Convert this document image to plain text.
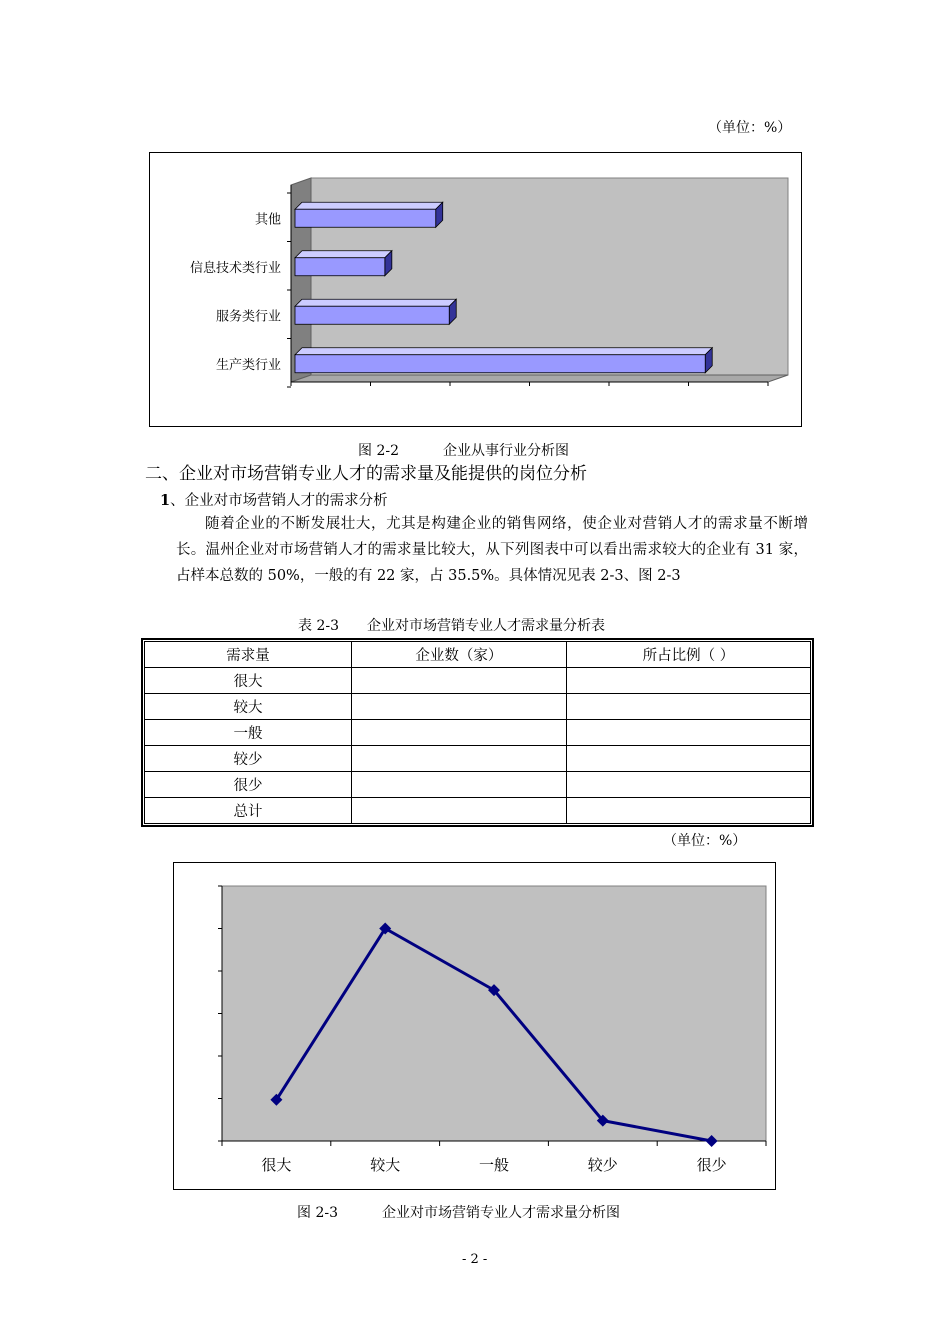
（单位：%）
其他
信息技术类行业
服务类行业
生产类行业
图 2-2	企业从事行业分析图
二、企业对市场营销专业人才的需求量及能提供的岗位分析
1、企业对市场营销人才的需求分析
随着企业的不断发展壮大，尤其是构建企业的销售网络，使企业对营销人才的需求量不断增长。温州企业对市场营销人才的需求量比较大，从下列图表中可以看出需求较大的企业有 31 家，占样本总数的 50%，一般的有 22 家，占 35.5%。具体情况见表 2-3、图 2-3
表 2-3　　企业对市场营销专业人才需求量分析表
需求量	企业数（家）	所占比例（ ）
很大		
较大		
一般		
较少		
很少		
总计		
（单位：%）
很大	较大	一般	较少	很少
图 2-3	企业对市场营销专业人才需求量分析图
- 2 -
